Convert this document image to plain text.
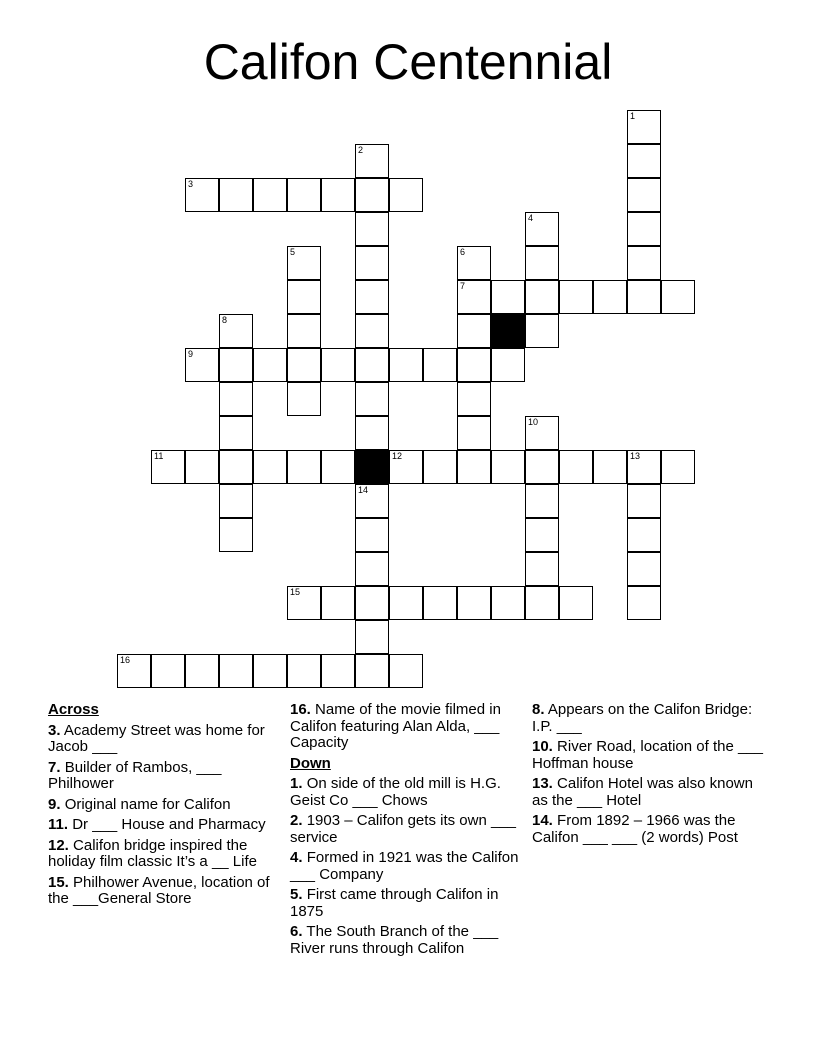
Califon Centennial
3
7
9
11	12	13
15
16
1
2
14
4
5	6
8
10
Across
3. Academy Street was home for Jacob ___
7. Builder of Rambos, ___ Philhower
9. Original name for Califon
11. Dr ___ House and Pharmacy
12. Califon bridge inspired the holiday film classic It’s a __ Life
15. Philhower Avenue, location of the ___General Store
16. Name of the movie filmed in Califon featuring Alan Alda, ___ Capacity
Down
1. On side of the old mill is H.G. Geist Co ___ Chows
2. 1903 – Califon gets its own ___ service
4. Formed in 1921 was the Califon ___ Company
5. First came through Califon in 1875
6. The South Branch of the ___ River runs through Califon
8. Appears on the Califon Bridge: I.P. ___
10. River Road, location of the ___ Hoffman house
13. Califon Hotel was also known as the ___ Hotel
14. From 1892 – 1966 was the Califon ___ ___ (2 words) Post
